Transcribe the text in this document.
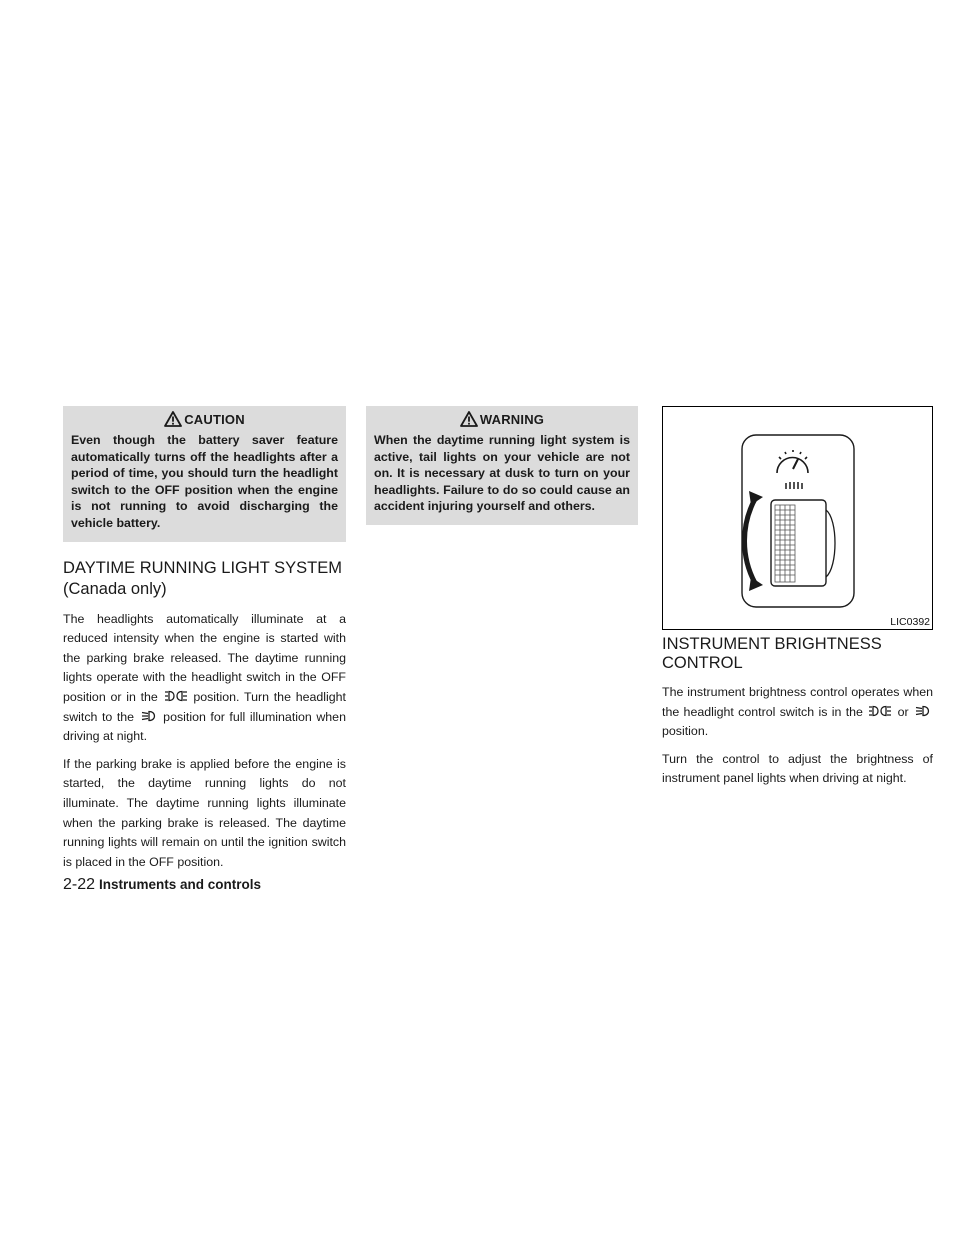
CAUTION
Even though the battery saver feature automatically turns off the headlights after a period of time, you should turn the headlight switch to the OFF position when the engine is not running to avoid discharging the vehicle battery.
DAYTIME RUNNING LIGHT SYSTEM
(Canada only)

The headlights automatically illuminate at a reduced intensity when the engine is started with the parking brake released. The daytime running lights operate with the headlight switch in the OFF position or in the	position. Turn the headlight switch to the position for full illumination when driving at night.

If the parking brake is applied before the engine is started, the daytime running lights do not illuminate. The daytime running lights illuminate when the parking brake is released. The daytime running lights will remain on until the ignition switch is placed in the OFF position.

WARNING
When the daytime running light system is active, tail lights on your vehicle are not on. It is necessary at dusk to turn on your headlights. Failure to do so could cause an accident injuring yourself and others.
LIC0392
INSTRUMENT BRIGHTNESS
CONTROL

The instrument brightness control operates when the headlight control switch is in the	or  position.

Turn the control to adjust the brightness of instrument panel lights when driving at night.

2-22 Instruments and controls
